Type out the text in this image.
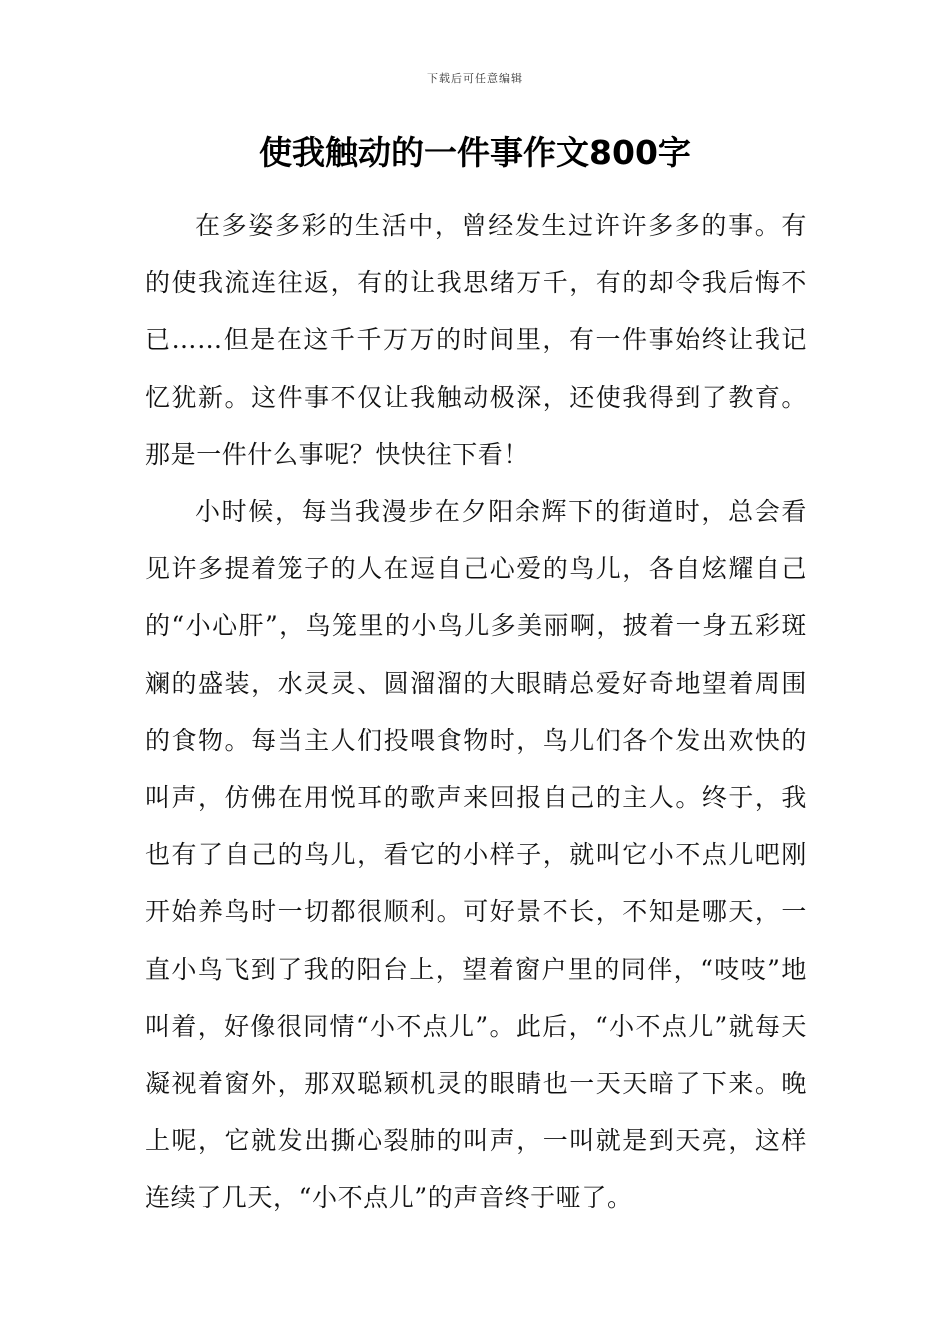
下载后可任意编辑
使我触动的一件事作文800字

在多姿多彩的生活中，曾经发生过许许多多的事。有的使我流连往返，有的让我思绪万千，有的却令我后悔不已……但是在这千千万万的时间里，有一件事始终让我记忆犹新。这件事不仅让我触动极深，还使我得到了教育。那是一件什么事呢？快快往下看！

小时候，每当我漫步在夕阳余辉下的街道时，总会看见许多提着笼子的人在逗自己心爱的鸟儿，各自炫耀自己的“小心肝”，鸟笼里的小鸟儿多美丽啊，披着一身五彩斑斓的盛装，水灵灵、圆溜溜的大眼睛总爱好奇地望着周围的食物。每当主人们投喂食物时，鸟儿们各个发出欢快的叫声，仿佛在用悦耳的歌声来回报自己的主人。终于，我也有了自己的鸟儿，看它的小样子，就叫它小不点儿吧刚开始养鸟时一切都很顺利。可好景不长，不知是哪天，一直小鸟飞到了我的阳台上，望着窗户里的同伴，“吱吱”地叫着，好像很同情“小不点儿”。此后，“小不点儿”就每天凝视着窗外，那双聪颖机灵的眼睛也一天天暗了下来。晚上呢，它就发出撕心裂肺的叫声，一叫就是到天亮，这样连续了几天，“小不点儿”的声音终于哑了。
